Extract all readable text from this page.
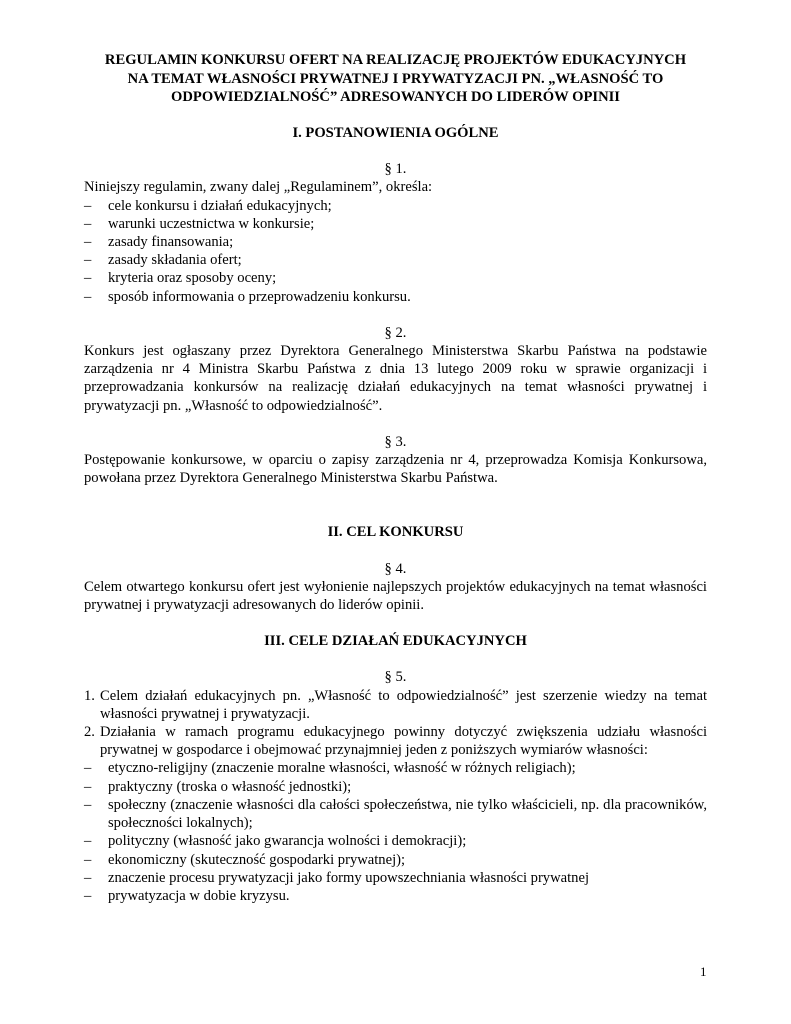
REGULAMIN KONKURSU OFERT NA REALIZACJĘ PROJEKTÓW EDUKACYJNYCH
NA TEMAT WŁASNOŚCI PRYWATNEJ I PRYWATYZACJI PN. „WŁASNOŚĆ TO
ODPOWIEDZIALNOŚĆ” ADRESOWANYCH DO LIDERÓW OPINII

I. POSTANOWIENIA OGÓLNE

§ 1.

Niniejszy regulamin, zwany dalej „Regulaminem”, określa:

– cele konkursu i działań edukacyjnych;
– warunki uczestnictwa w konkursie;
– zasady finansowania;
– zasady składania ofert;
– kryteria oraz sposoby oceny;
– sposób informowania o przeprowadzeniu konkursu.

§ 2.

Konkurs jest ogłaszany przez Dyrektora Generalnego Ministerstwa Skarbu Państwa na podstawie zarządzenia nr 4 Ministra Skarbu Państwa z dnia 13 lutego 2009 roku w sprawie organizacji i przeprowadzania konkursów na realizację działań edukacyjnych na temat własności prywatnej i prywatyzacji pn. „Własność to odpowiedzialność”.

§ 3.

Postępowanie konkursowe, w oparciu o zapisy zarządzenia nr 4, przeprowadza Komisja Konkursowa, powołana przez Dyrektora Generalnego Ministerstwa Skarbu Państwa.

II. CEL KONKURSU

§ 4.

Celem otwartego konkursu ofert jest wyłonienie najlepszych projektów edukacyjnych na temat własności prywatnej i prywatyzacji adresowanych do liderów opinii.

III. CELE DZIAŁAŃ EDUKACYJNYCH

§ 5.

1. Celem działań edukacyjnych pn. „Własność to odpowiedzialność” jest szerzenie wiedzy na temat własności prywatnej i prywatyzacji.
2. Działania w ramach programu edukacyjnego powinny dotyczyć zwiększenia udziału własności prywatnej w gospodarce i obejmować przynajmniej jeden z poniższych wymiarów własności:
– etyczno-religijny (znaczenie moralne własności, własność w różnych religiach);
– praktyczny (troska o własność jednostki);
– społeczny (znaczenie własności dla całości społeczeństwa, nie tylko właścicieli, np. dla pracowników, społeczności lokalnych);
– polityczny (własność jako gwarancja wolności i demokracji);
– ekonomiczny (skuteczność gospodarki prywatnej);
– znaczenie procesu prywatyzacji jako formy upowszechniania własności prywatnej
– prywatyzacja w dobie kryzysu.
1
